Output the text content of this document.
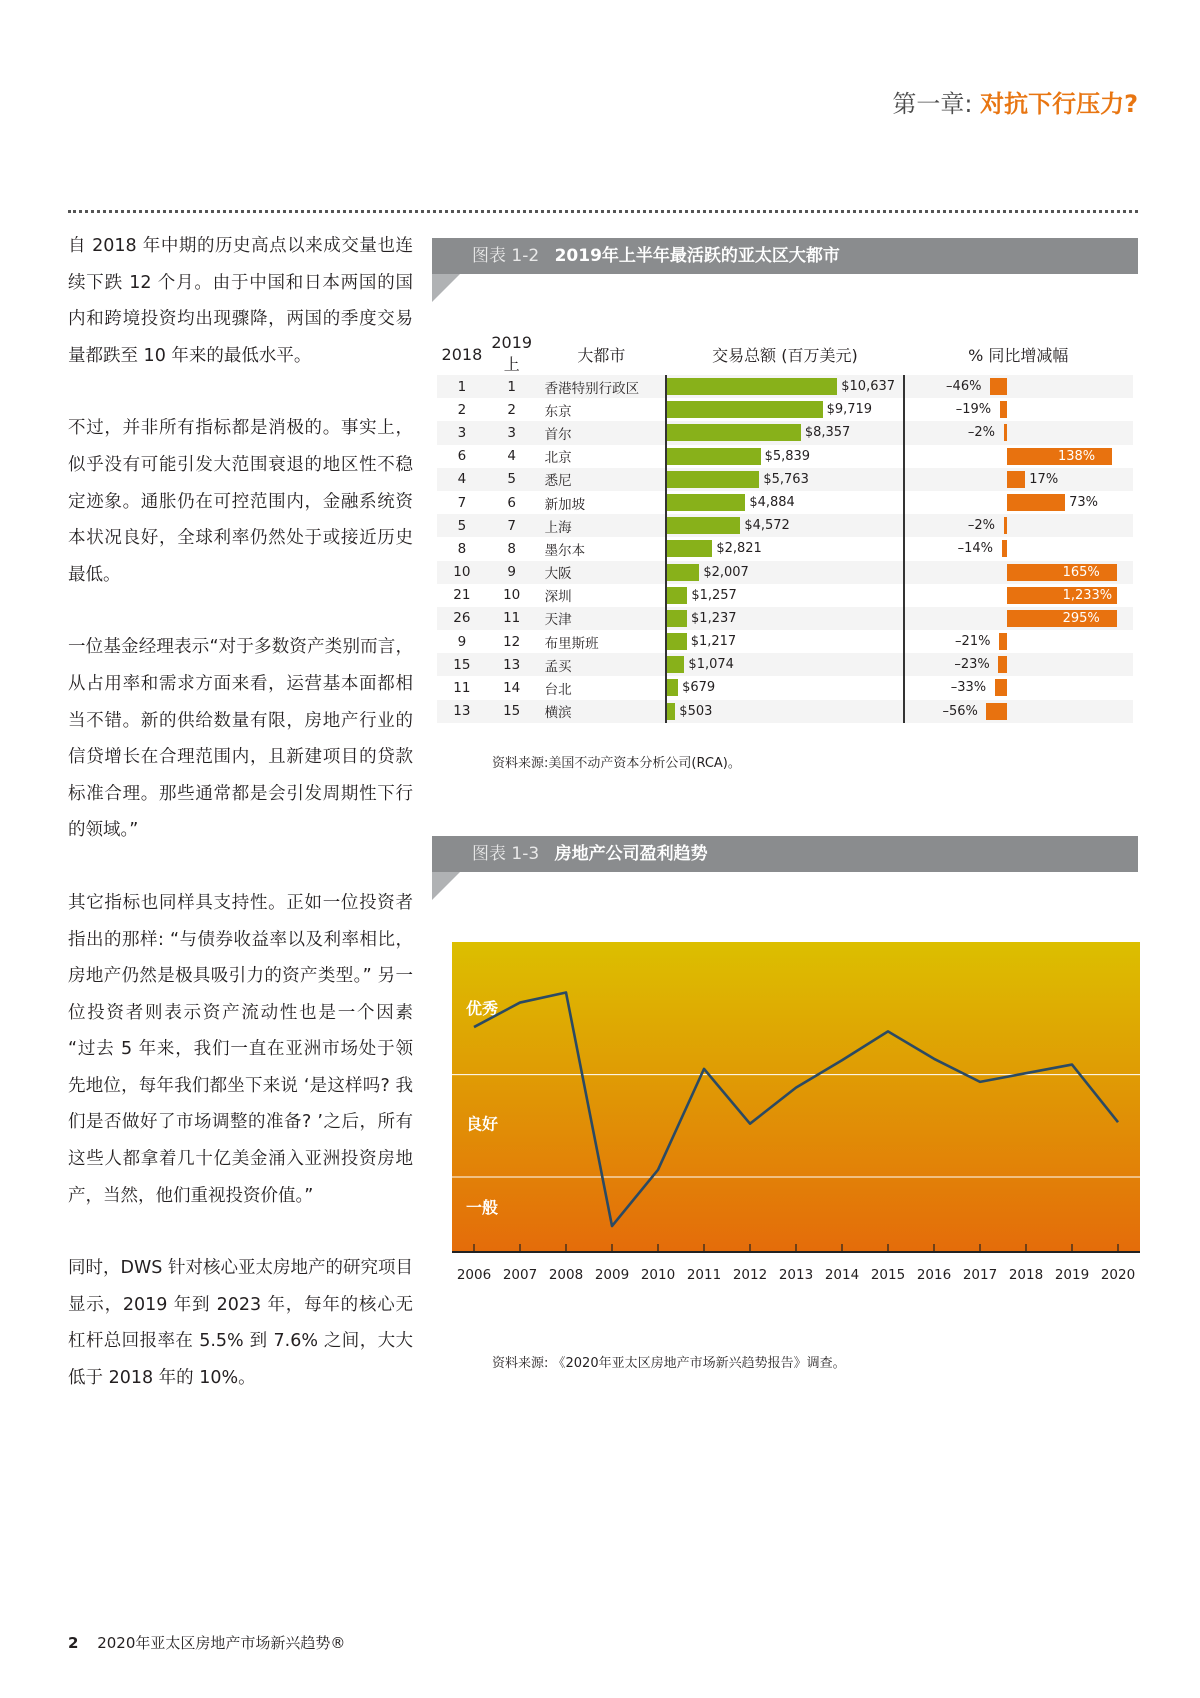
第一章: 对抗下行压力?

自 2018 年中期的历史高点以来成交量也连续下跌 12 个月。由于中国和日本两国的国内和跨境投资均出现骤降，两国的季度交易量都跌至 10 年来的最低水平。

不过，并非所有指标都是消极的。事实上，似乎没有可能引发大范围衰退的地区性不稳定迹象。通胀仍在可控范围内，金融系统资本状况良好，全球利率仍然处于或接近历史最低。

一位基金经理表示“对于多数资产类别而言，从占用率和需求方面来看，运营基本面都相当不错。新的供给数量有限，房地产行业的信贷增长在合理范围内，且新建项目的贷款标准合理。那些通常都是会引发周期性下行的领域。”

其它指标也同样具支持性。正如一位投资者指出的那样: “与债券收益率以及利率相比，房地产仍然是极具吸引力的资产类型。” 另一位投资者则表示资产流动性也是一个因素 “过去 5 年来，我们一直在亚洲市场处于领先地位，每年我们都坐下来说 ‘是这样吗? 我们是否做好了市场调整的准备? ’之后，所有这些人都拿着几十亿美金涌入亚洲投资房地产，当然，他们重视投资价值。”

同时，DWS 针对核心亚太房地产的研究项目显示，2019 年到 2023 年，每年的核心无杠杆总回报率在 5.5% 到 7.6% 之间，大大低于 2018 年的 10%。

图表 1-2 2019年上半年最活跃的亚太区大都市
2018	2019上	大都市	交易总额 (百万美元)	% 同比增减幅
1	1	香港特别行政区	$10,637	–46%

2	2	东京	$9,719	–19%

3	3	首尔	$8,357	–2%

6	4	北京	$5,839	138%

4	5	悉尼	$5,763	17%

7	6	新加坡	$4,884	73%

5	7	上海	$4,572	–2%

8	8	墨尔本	$2,821	–14%

10	9	大阪	$2,007	165%

21	10	深圳	$1,257	1,233%

26	11	天津	$1,237	295%

9	12	布里斯班	$1,217	–21%

15	13	孟买	$1,074	–23%

11	14	台北	$679	–33%

13	15	横滨	$503	–56%
资料来源:美国不动产资本分析公司(RCA)。
图表 1-3 房地产公司盈利趋势
优秀
良好
一般
2006 2007 2008 2009 2010 2011 2012 2013 2014 2015 2016 2017 2018 2019 2020
资料来源: 《2020年亚太区房地产市场新兴趋势报告》调查。
2 2020年亚太区房地产市场新兴趋势®
